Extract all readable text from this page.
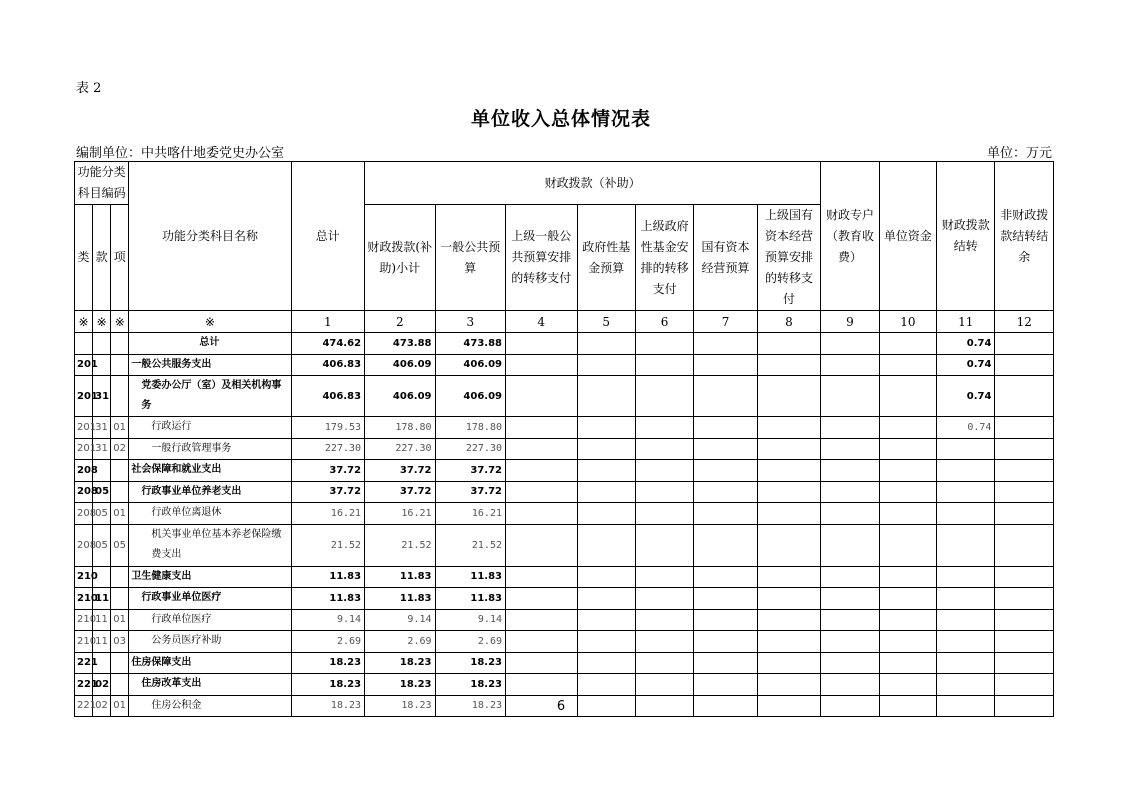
表 2
单位收入总体情况表
编制单位：中共喀什地委党史办公室	单位：万元
功能分类科目编码			功能分类科目名称	总计	财政拨款（补助）							财政专户（教育收费）	单位资金	财政拨款结转	非财政拨款结转结余
类	款	项			财政拨款(补助)小计	一般公共预算	上级一般公共预算安排的转移支付	政府性基金预算	上级政府性基金安排的转移支付	国有资本经营预算	上级国有资本经营预算安排的转移支付				
※	※	※	※	1	2	3	4	5	6	7	8	9	10	11	12
			总计	474.62	473.88	473.88								0.74	
201			一般公共服务支出	406.83	406.09	406.09								0.74	
201	31		党委办公厅（室）及相关机构事务	406.83	406.09	406.09								0.74	
201	31	01	行政运行	179.53	178.80	178.80								0.74	
201	31	02	一般行政管理事务	227.30	227.30	227.30									
208			社会保障和就业支出	37.72	37.72	37.72									
208	05		行政事业单位养老支出	37.72	37.72	37.72									
208	05	01	行政单位离退休	16.21	16.21	16.21									
208	05	05	机关事业单位基本养老保险缴费支出	21.52	21.52	21.52									
210			卫生健康支出	11.83	11.83	11.83									
210	11		行政事业单位医疗	11.83	11.83	11.83									
210	11	01	行政单位医疗	9.14	9.14	9.14									
210	11	03	公务员医疗补助	2.69	2.69	2.69									
221			住房保障支出	18.23	18.23	18.23									
221	02		住房改革支出	18.23	18.23	18.23									
221	02	01	住房公积金	18.23	18.23	18.23										6
